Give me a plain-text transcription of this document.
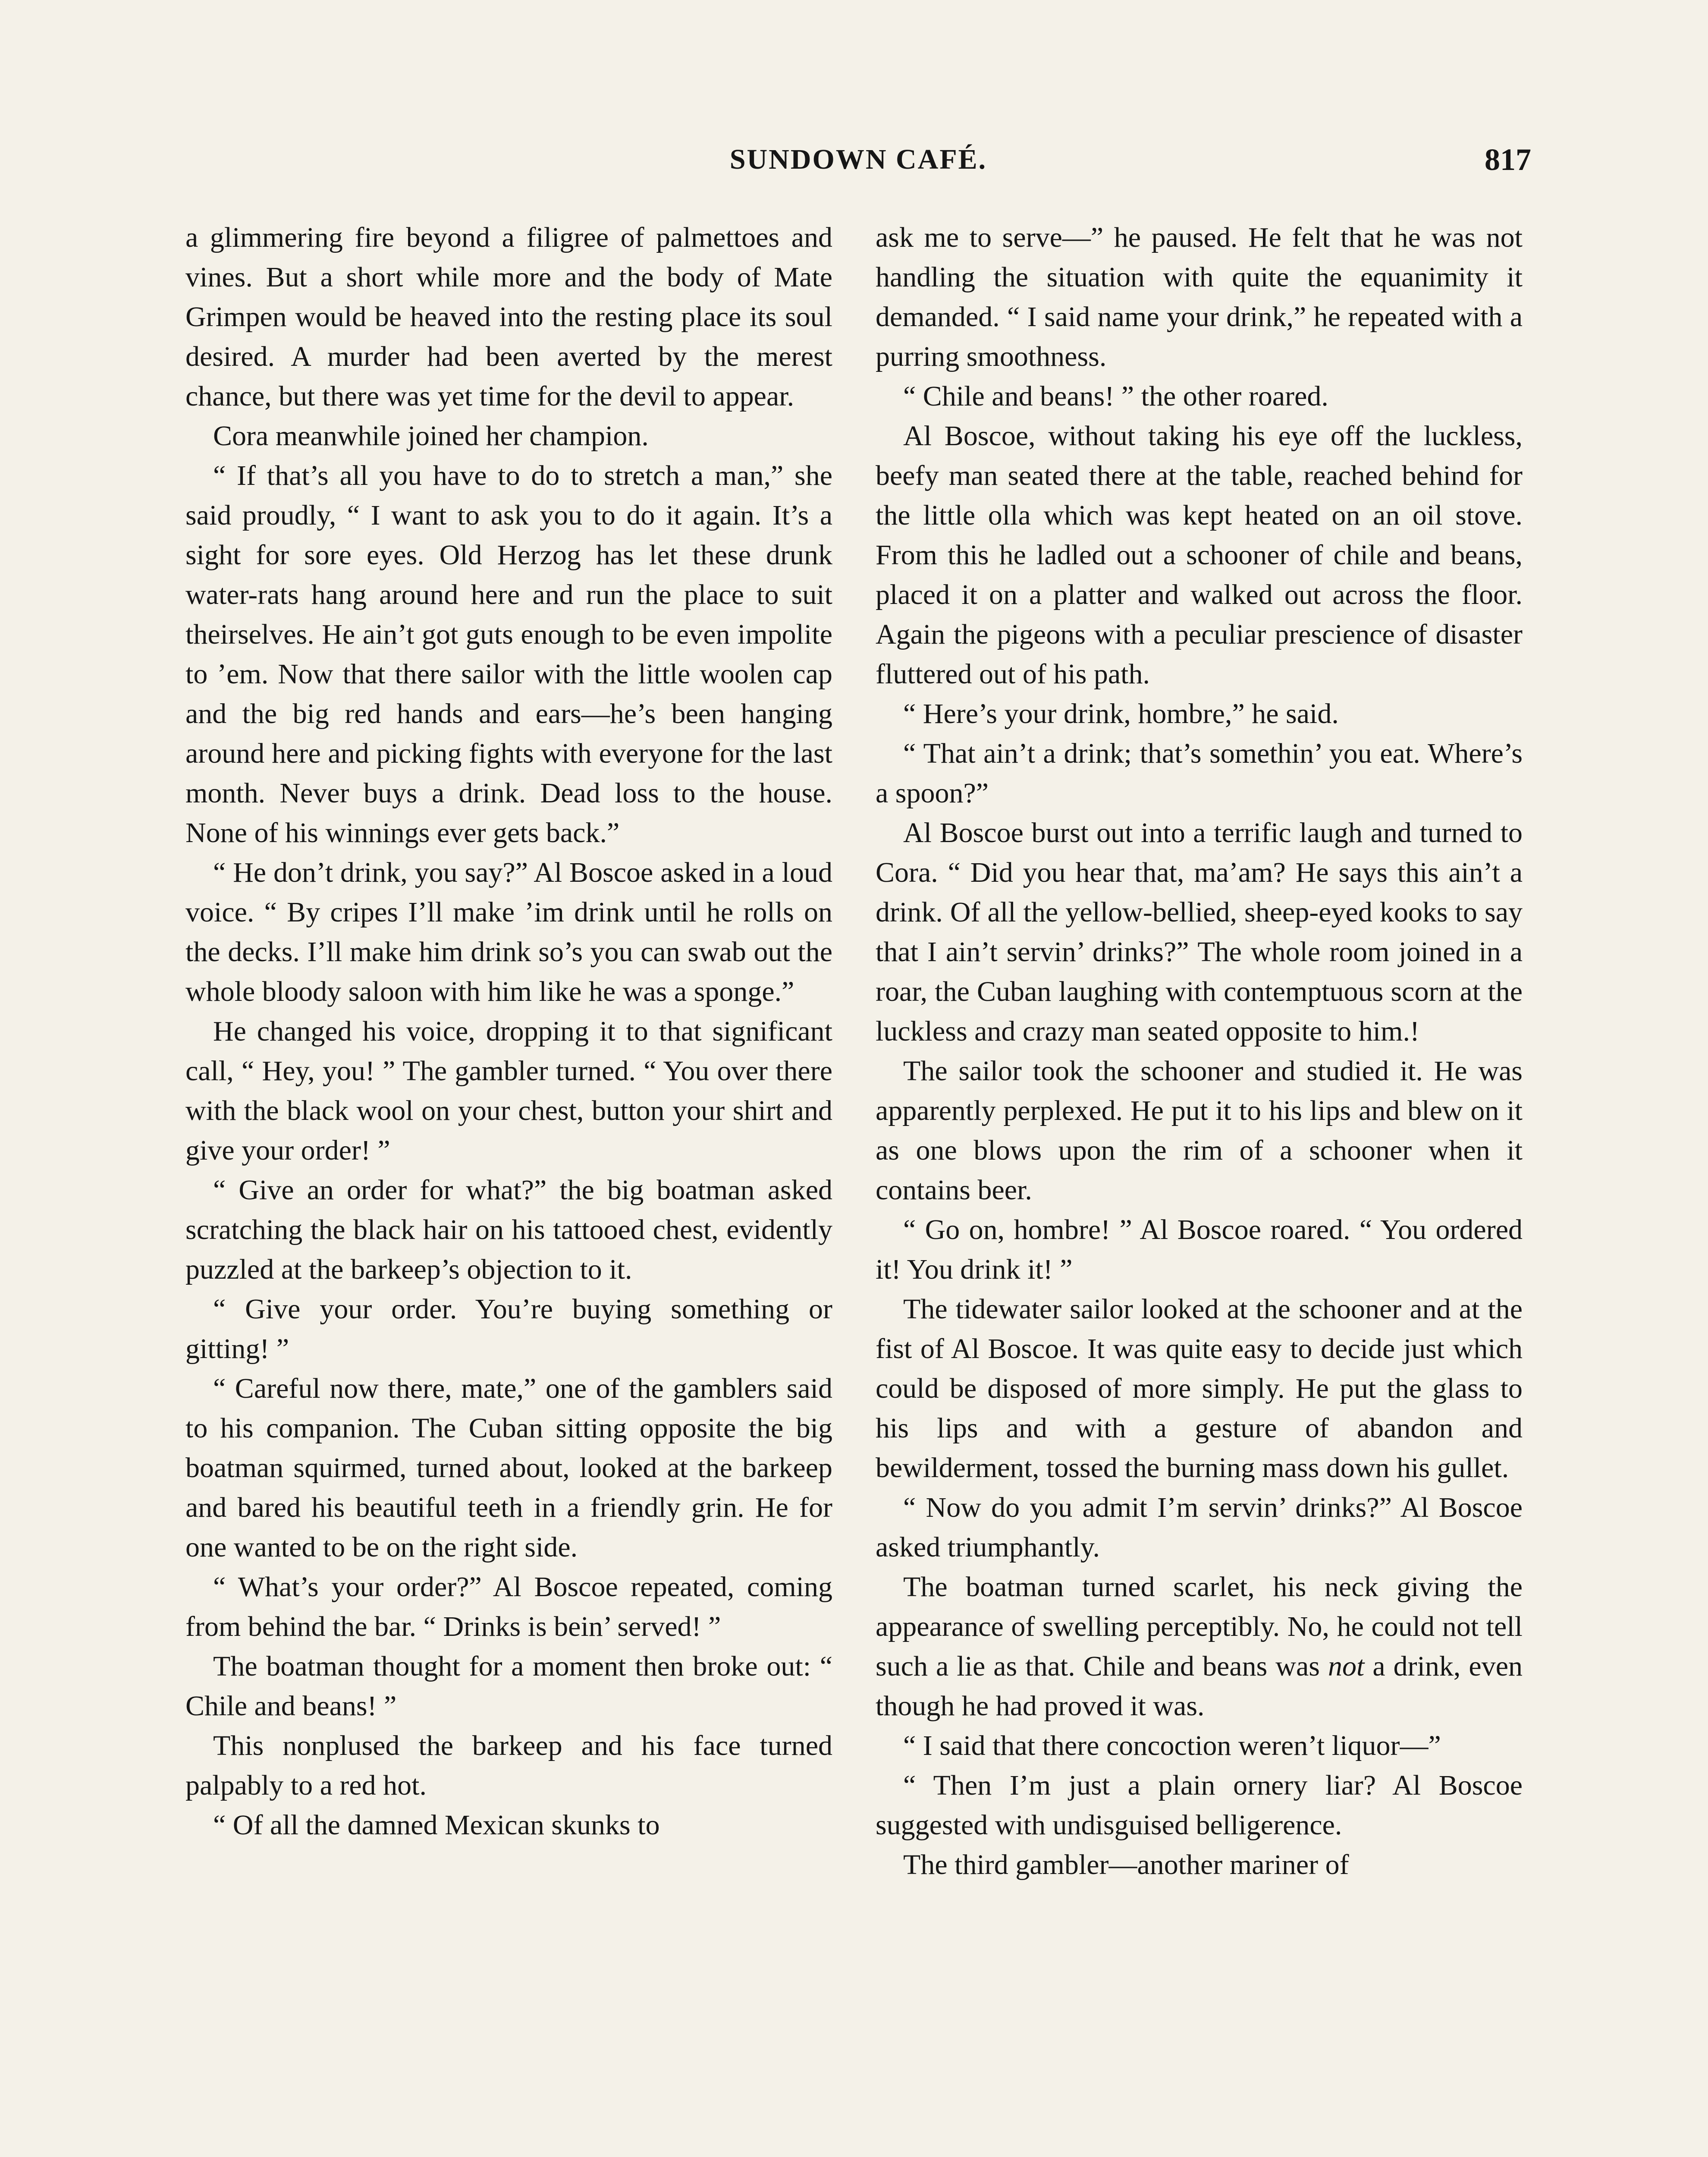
SUNDOWN CAFÉ.	817

a glimmering fire beyond a filigree of palmettoes and vines. But a short while more and the body of Mate Grimpen would be heaved into the resting place its soul desired. A murder had been averted by the merest chance, but there was yet time for the devil to appear.

Cora meanwhile joined her champion.

“ If that’s all you have to do to stretch a man,” she said proudly, “ I want to ask you to do it again. It’s a sight for sore eyes. Old Herzog has let these drunk water-rats hang around here and run the place to suit theirselves. He ain’t got guts enough to be even impolite to ’em. Now that there sailor with the little woolen cap and the big red hands and ears—he’s been hanging around here and picking fights with everyone for the last month. Never buys a drink. Dead loss to the house. None of his winnings ever gets back.”

“ He don’t drink, you say?” Al Boscoe asked in a loud voice. “ By cripes I’ll make ’im drink until he rolls on the decks. I’ll make him drink so’s you can swab out the whole bloody saloon with him like he was a sponge.”

He changed his voice, dropping it to that significant call, “ Hey, you! ” The gambler turned. “ You over there with the black wool on your chest, button your shirt and give your order! ”

“ Give an order for what?” the big boatman asked scratching the black hair on his tattooed chest, evidently puzzled at the barkeep’s objection to it.

“ Give your order. You’re buying something or gitting! ”

“ Careful now there, mate,” one of the gamblers said to his companion. The Cuban sitting opposite the big boatman squirmed, turned about, looked at the barkeep and bared his beautiful teeth in a friendly grin. He for one wanted to be on the right side.

“ What’s your order?” Al Boscoe repeated, coming from behind the bar. “ Drinks is bein’ served! ”

The boatman thought for a moment then broke out: “ Chile and beans! ”

This nonplused the barkeep and his face turned palpably to a red hot.

“ Of all the damned Mexican skunks to

ask me to serve—” he paused. He felt that he was not handling the situation with quite the equanimity it demanded. “ I said name your drink,” he repeated with a purring smoothness.

“ Chile and beans! ” the other roared.

Al Boscoe, without taking his eye off the luckless, beefy man seated there at the table, reached behind for the little olla which was kept heated on an oil stove. From this he ladled out a schooner of chile and beans, placed it on a platter and walked out across the floor. Again the pigeons with a peculiar prescience of disaster fluttered out of his path.

“ Here’s your drink, hombre,” he said.

“ That ain’t a drink; that’s somethin’ you eat. Where’s a spoon?”

Al Boscoe burst out into a terrific laugh and turned to Cora. “ Did you hear that, ma’am? He says this ain’t a drink. Of all the yellow-bellied, sheep-eyed kooks to say that I ain’t servin’ drinks?” The whole room joined in a roar, the Cuban laughing with contemptuous scorn at the luckless and crazy man seated opposite to him.!

The sailor took the schooner and studied it. He was apparently perplexed. He put it to his lips and blew on it as one blows upon the rim of a schooner when it contains beer.

“ Go on, hombre! ” Al Boscoe roared. “ You ordered it! You drink it! ”

The tidewater sailor looked at the schooner and at the fist of Al Boscoe. It was quite easy to decide just which could be disposed of more simply. He put the glass to his lips and with a gesture of abandon and bewilderment, tossed the burning mass down his gullet.

“ Now do you admit I’m servin’ drinks?” Al Boscoe asked triumphantly.

The boatman turned scarlet, his neck giving the appearance of swelling perceptibly. No, he could not tell such a lie as that. Chile and beans was not a drink, even though he had proved it was.

“ I said that there concoction weren’t liquor—”

“ Then I’m just a plain ornery liar? Al Boscoe suggested with undisguised belligerence.

The third gambler—another mariner of
